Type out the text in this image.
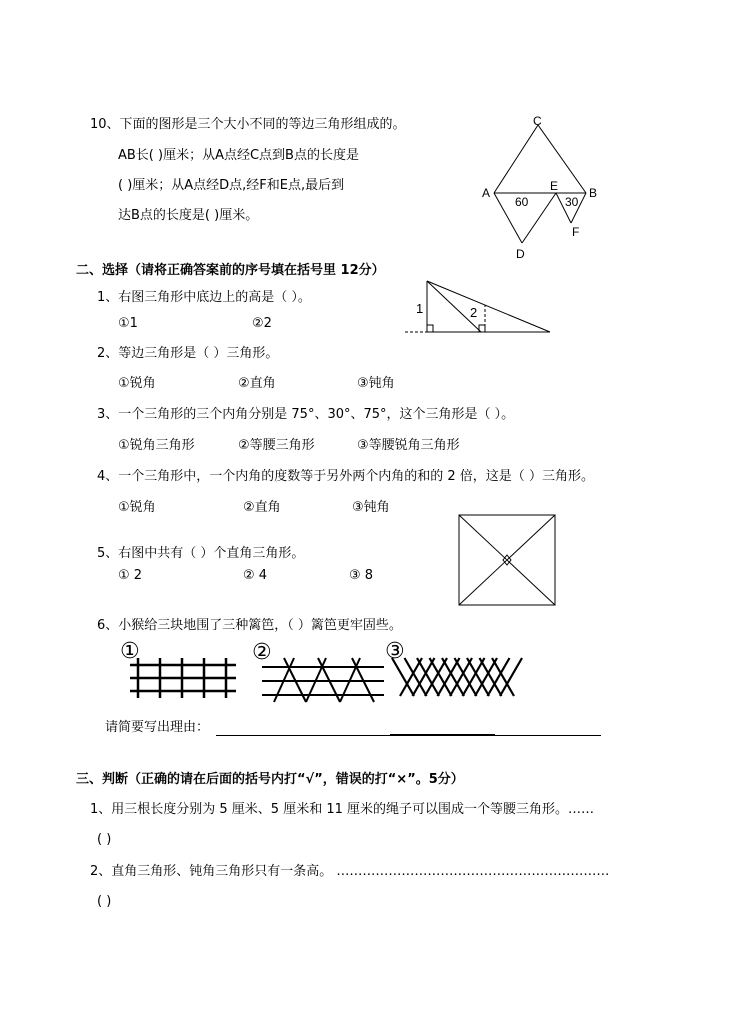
10、下面的图形是三个大小不同的等边三角形组成的。
AB长( )厘米；从A点经C点到B点的长度是
( )厘米；从A点经D点,经F和E点,最后到
达B点的长度是( )厘米。
C
A	E	B
D
F
60	30
二、选择（请将正确答案前的序号填在括号里 12分）
1、右图三角形中底边上的高是（ ）。
①1	②2
1	2
2、等边三角形是（ ）三角形。
①锐角	②直角	③钝角
3、一个三角形的三个内角分别是 75°、30°、75°，这个三角形是（ ）。
①锐角三角形	②等腰三角形	③等腰锐角三角形
4、一个三角形中，一个内角的度数等于另外两个内角的和的 2 倍，这是（ ）三角形。
①锐角	②直角	③钝角
5、右图中共有（ ）个直角三角形。
① 2	② 4	③ 8
6、小猴给三块地围了三种篱笆，（ ）篱笆更牢固些。
①	②	③
请简要写出理由：
三、判断（正确的请在后面的括号内打“√”，错误的打“×”。5分）
1、用三根长度分别为 5 厘米、5 厘米和 11 厘米的绳子可以围成一个等腰三角形。……
( )
2、直角三角形、钝角三角形只有一条高。 ………………………………………………………
( )
